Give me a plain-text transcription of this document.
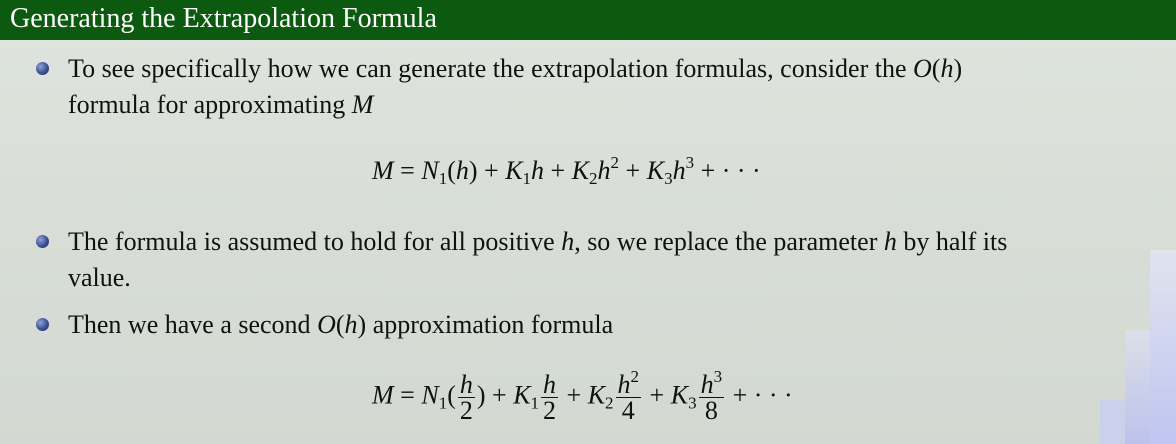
Generating the Extrapolation Formula
To see specifically how we can generate the extrapolation formulas, consider the O(h)
formula for approximating M
$M = N_1(h) + K_1h + K_2h^2 + K_3h^3$ + · · ·
The formula is assumed to hold for all positive h, so we replace the parameter h by half its
value.
Then we have a second O(h) approximation formula
$M = N_1( \frac{h}{2}$ ) + $K_1 \frac{h}{2} + K_2 \frac{h^2}{4} + K_3 \frac{h^3}{8}$ + · · ·
